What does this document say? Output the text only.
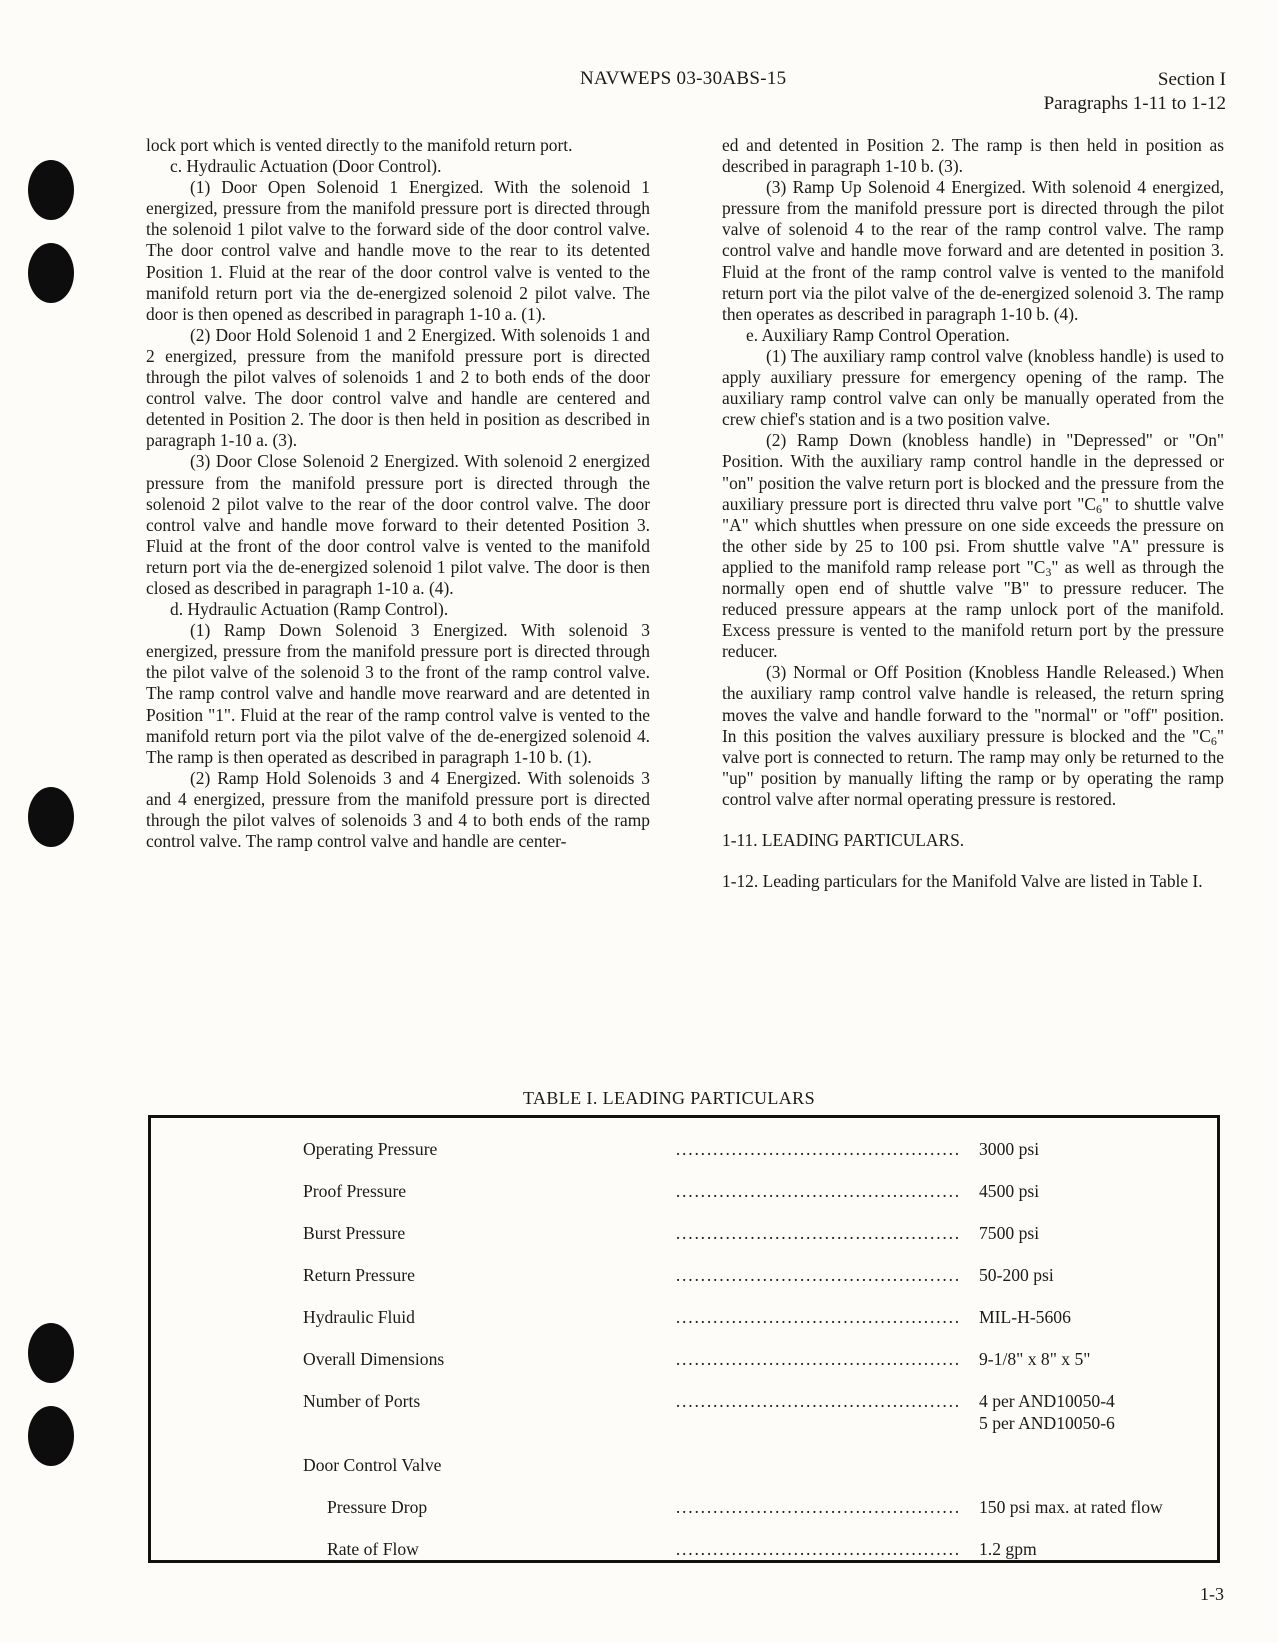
NAVWEPS 03-30ABS-15	Section I
Paragraphs 1-11 to 1-12

lock port which is vented directly to the manifold return port.

c. Hydraulic Actuation (Door Control).

(1) Door Open Solenoid 1 Energized. With the solenoid 1 energized, pressure from the manifold pressure port is directed through the solenoid 1 pilot valve to the forward side of the door control valve. The door control valve and handle move to the rear to its detented Position 1. Fluid at the rear of the door control valve is vented to the manifold return port via the de-energized solenoid 2 pilot valve. The door is then opened as described in paragraph 1-10 a. (1).

(2) Door Hold Solenoid 1 and 2 Energized. With solenoids 1 and 2 energized, pressure from the manifold pressure port is directed through the pilot valves of solenoids 1 and 2 to both ends of the door control valve. The door control valve and handle are centered and detented in Position 2. The door is then held in position as described in paragraph 1-10 a. (3).

(3) Door Close Solenoid 2 Energized. With solenoid 2 energized pressure from the manifold pressure port is directed through the solenoid 2 pilot valve to the rear of the door control valve. The door control valve and handle move forward to their detented Position 3. Fluid at the front of the door control valve is vented to the manifold return port via the de-energized solenoid 1 pilot valve. The door is then closed as described in paragraph 1-10 a. (4).

d. Hydraulic Actuation (Ramp Control).

(1) Ramp Down Solenoid 3 Energized. With solenoid 3 energized, pressure from the manifold pressure port is directed through the pilot valve of the solenoid 3 to the front of the ramp control valve. The ramp control valve and handle move rearward and are detented in Position "1". Fluid at the rear of the ramp control valve is vented to the manifold return port via the pilot valve of the de-energized solenoid 4. The ramp is then operated as described in paragraph 1-10 b. (1).

(2) Ramp Hold Solenoids 3 and 4 Energized. With solenoids 3 and 4 energized, pressure from the manifold pressure port is directed through the pilot valves of solenoids 3 and 4 to both ends of the ramp control valve. The ramp control valve and handle are center-

ed and detented in Position 2. The ramp is then held in position as described in paragraph 1-10 b. (3).

(3) Ramp Up Solenoid 4 Energized. With solenoid 4 energized, pressure from the manifold pressure port is directed through the pilot valve of solenoid 4 to the rear of the ramp control valve. The ramp control valve and handle move forward and are detented in position 3. Fluid at the front of the ramp control valve is vented to the manifold return port via the pilot valve of the de-energized solenoid 3. The ramp then operates as described in paragraph 1-10 b. (4).

e. Auxiliary Ramp Control Operation.

(1) The auxiliary ramp control valve (knobless handle) is used to apply auxiliary pressure for emergency opening of the ramp. The auxiliary ramp control valve can only be manually operated from the crew chief's station and is a two position valve.

(2) Ramp Down (knobless handle) in "Depressed" or "On" Position. With the auxiliary ramp control handle in the depressed or "on" position the valve return port is blocked and the pressure from the auxiliary pressure port is directed thru valve port "$C_6$" to shuttle valve "A" which shuttles when pressure on one side exceeds the pressure on the other side by 25 to 100 psi. From shuttle valve "A" pressure is applied to the manifold ramp release port "$C_3$" as well as through the normally open end of shuttle valve "B" to pressure reducer. The reduced pressure appears at the ramp unlock port of the manifold. Excess pressure is vented to the manifold return port by the pressure reducer.

(3) Normal or Off Position (Knobless Handle Released.) When the auxiliary ramp control valve handle is released, the return spring moves the valve and handle forward to the "normal" or "off" position. In this position the valves auxiliary pressure is blocked and the "$C_6$" valve port is connected to return. The ramp may only be returned to the "up" position by manually lifting the ramp or by operating the ramp control valve after normal operating pressure is restored.

1-11. LEADING PARTICULARS.

1-12. Leading particulars for the Manifold Valve are listed in Table I.

TABLE I. LEADING PARTICULARS
..............................................
Operating Pressure	3000 psi
..............................................
Proof Pressure	4500 psi
..............................................
Burst Pressure	7500 psi
..............................................
Return Pressure	50-200 psi
..............................................
Hydraulic Fluid	MIL-H-5606
..............................................
Overall Dimensions	9-1/8" x 8" x 5"
..............................................
Number of Ports	4 per AND10050-4
5 per AND10050-6
Door Control Valve
..............................................
Pressure Drop	150 psi max. at rated flow
..............................................
Rate of Flow	1.2 gpm
1-3
